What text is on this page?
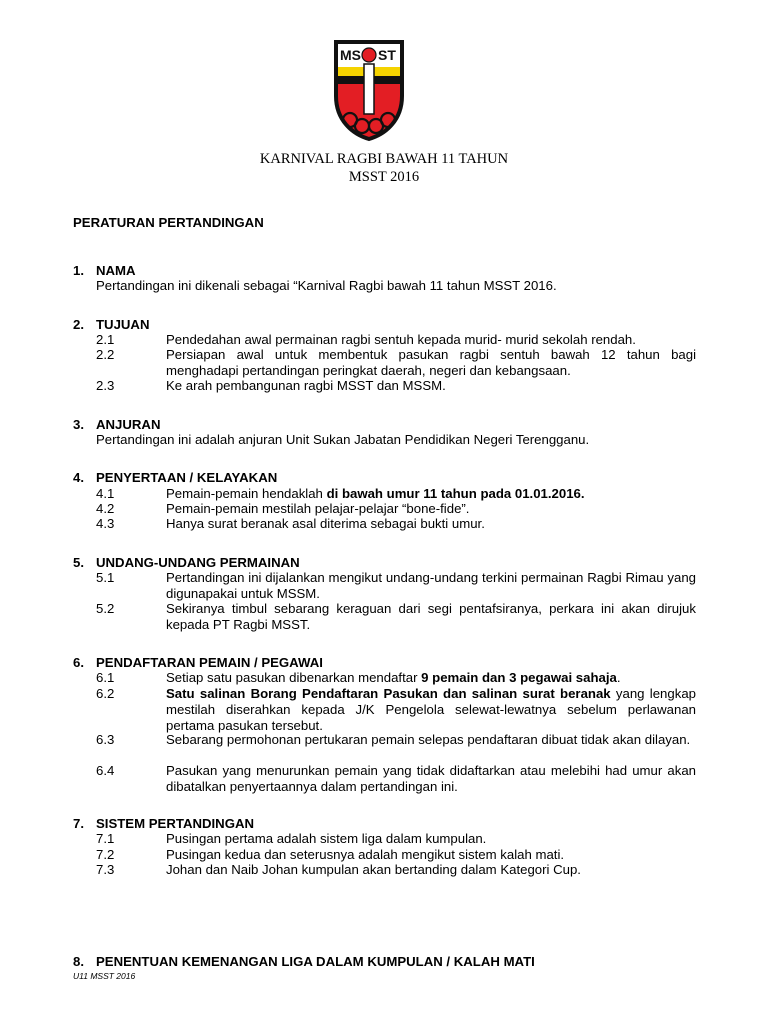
MS ST
KARNIVAL RAGBI BAWAH 11 TAHUN
MSST 2016
PERATURAN PERTANDINGAN
1. NAMA
Pertandingan ini dikenali sebagai “Karnival Ragbi bawah 11 tahun MSST 2016.
2. TUJUAN
2.1	Pendedahan awal permainan ragbi sentuh kepada murid- murid sekolah rendah.
2.2	Persiapan awal untuk membentuk pasukan ragbi sentuh bawah 12 tahun bagi menghadapi pertandingan peringkat daerah, negeri dan kebangsaan.
2.3	Ke arah pembangunan ragbi MSST dan MSSM.
3. ANJURAN
Pertandingan ini adalah anjuran Unit Sukan Jabatan Pendidikan Negeri Terengganu.
4. PENYERTAAN / KELAYAKAN
4.1	Pemain-pemain hendaklah di bawah umur 11 tahun pada 01.01.2016.
4.2	Pemain-pemain mestilah pelajar-pelajar “bone-fide”.
4.3	Hanya surat beranak asal diterima sebagai bukti umur.
5. UNDANG-UNDANG PERMAINAN
5.1	Pertandingan ini dijalankan mengikut undang-undang terkini permainan Ragbi Rimau yang digunapakai untuk MSSM.
5.2	Sekiranya timbul sebarang keraguan dari segi pentafsiranya, perkara ini akan dirujuk kepada PT Ragbi MSST.
6. PENDAFTARAN PEMAIN / PEGAWAI
6.1	Setiap satu pasukan dibenarkan mendaftar 9 pemain dan 3 pegawai sahaja.
6.2	Satu salinan Borang Pendaftaran Pasukan dan salinan surat beranak yang lengkap mestilah diserahkan kepada J/K Pengelola selewat-lewatnya sebelum perlawanan pertama pasukan tersebut.
6.3	Sebarang permohonan pertukaran pemain selepas pendaftaran dibuat tidak akan dilayan.
6.4	Pasukan yang menurunkan pemain yang tidak didaftarkan atau melebihi had umur akan dibatalkan penyertaannya dalam pertandingan ini.
7. SISTEM PERTANDINGAN
7.1	Pusingan pertama adalah sistem liga dalam kumpulan.
7.2	Pusingan kedua dan seterusnya adalah mengikut sistem kalah mati.
7.3	Johan dan Naib Johan kumpulan akan bertanding dalam Kategori Cup.
8. PENENTUAN KEMENANGAN LIGA DALAM KUMPULAN / KALAH MATI
U11 MSST 2016
